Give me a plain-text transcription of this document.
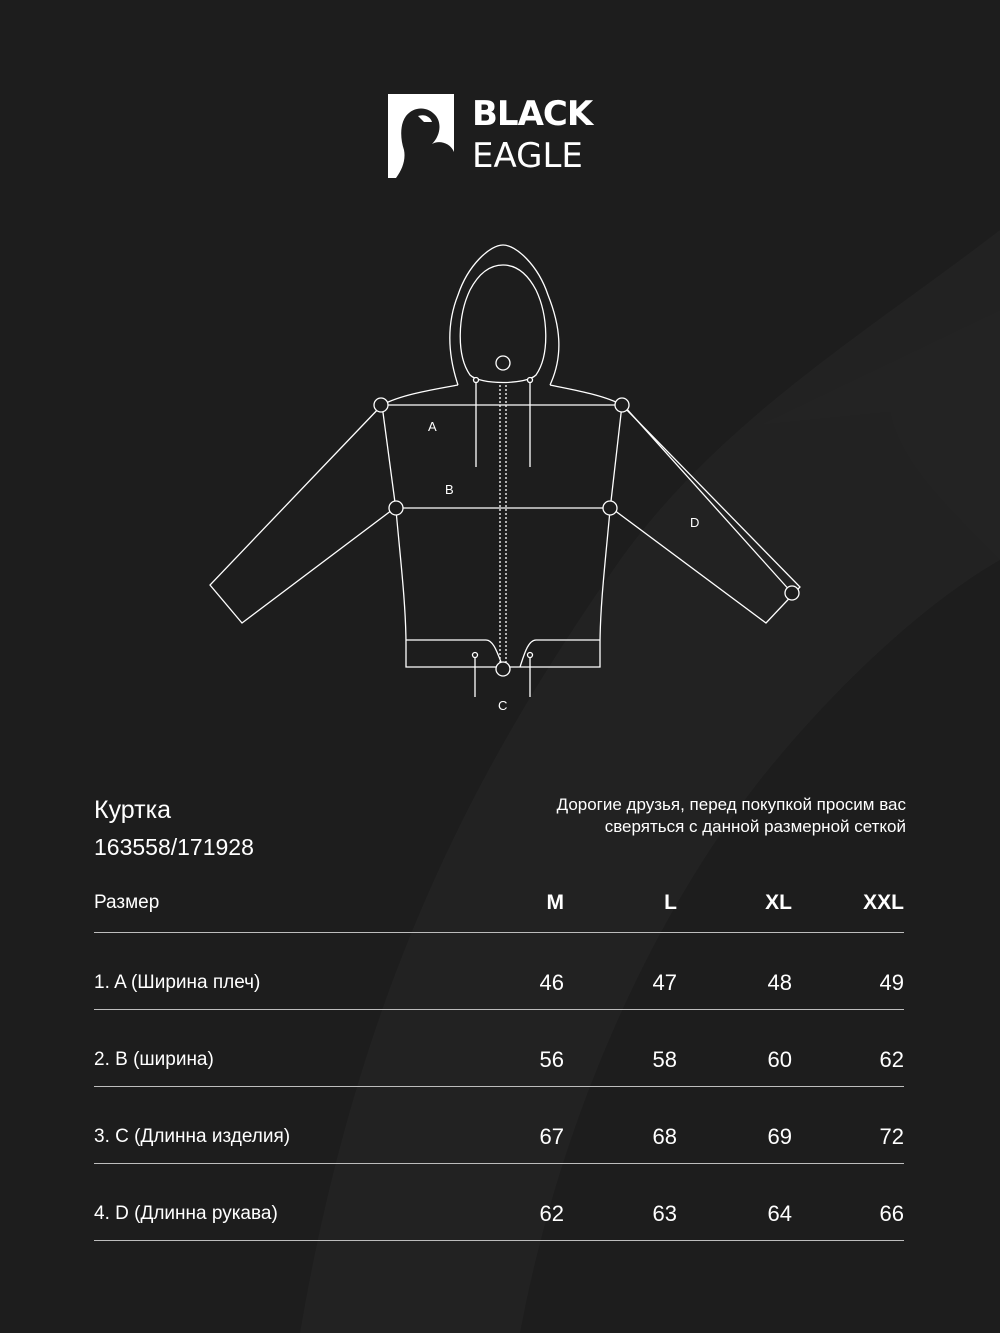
BLACK
EAGLE
A
B
C
D
Куртка
163558/171928
Дорогие друзья, перед покупкой просим вас
сверяться с данной размерной сеткой
Размер	M	L	XL	XXL
1. A (Ширина плеч)	46	47	48	49
2. B (ширина)	56	58	60	62
3. C (Длинна изделия)	67	68	69	72
4. D (Длинна рукава)	62	63	64	66
